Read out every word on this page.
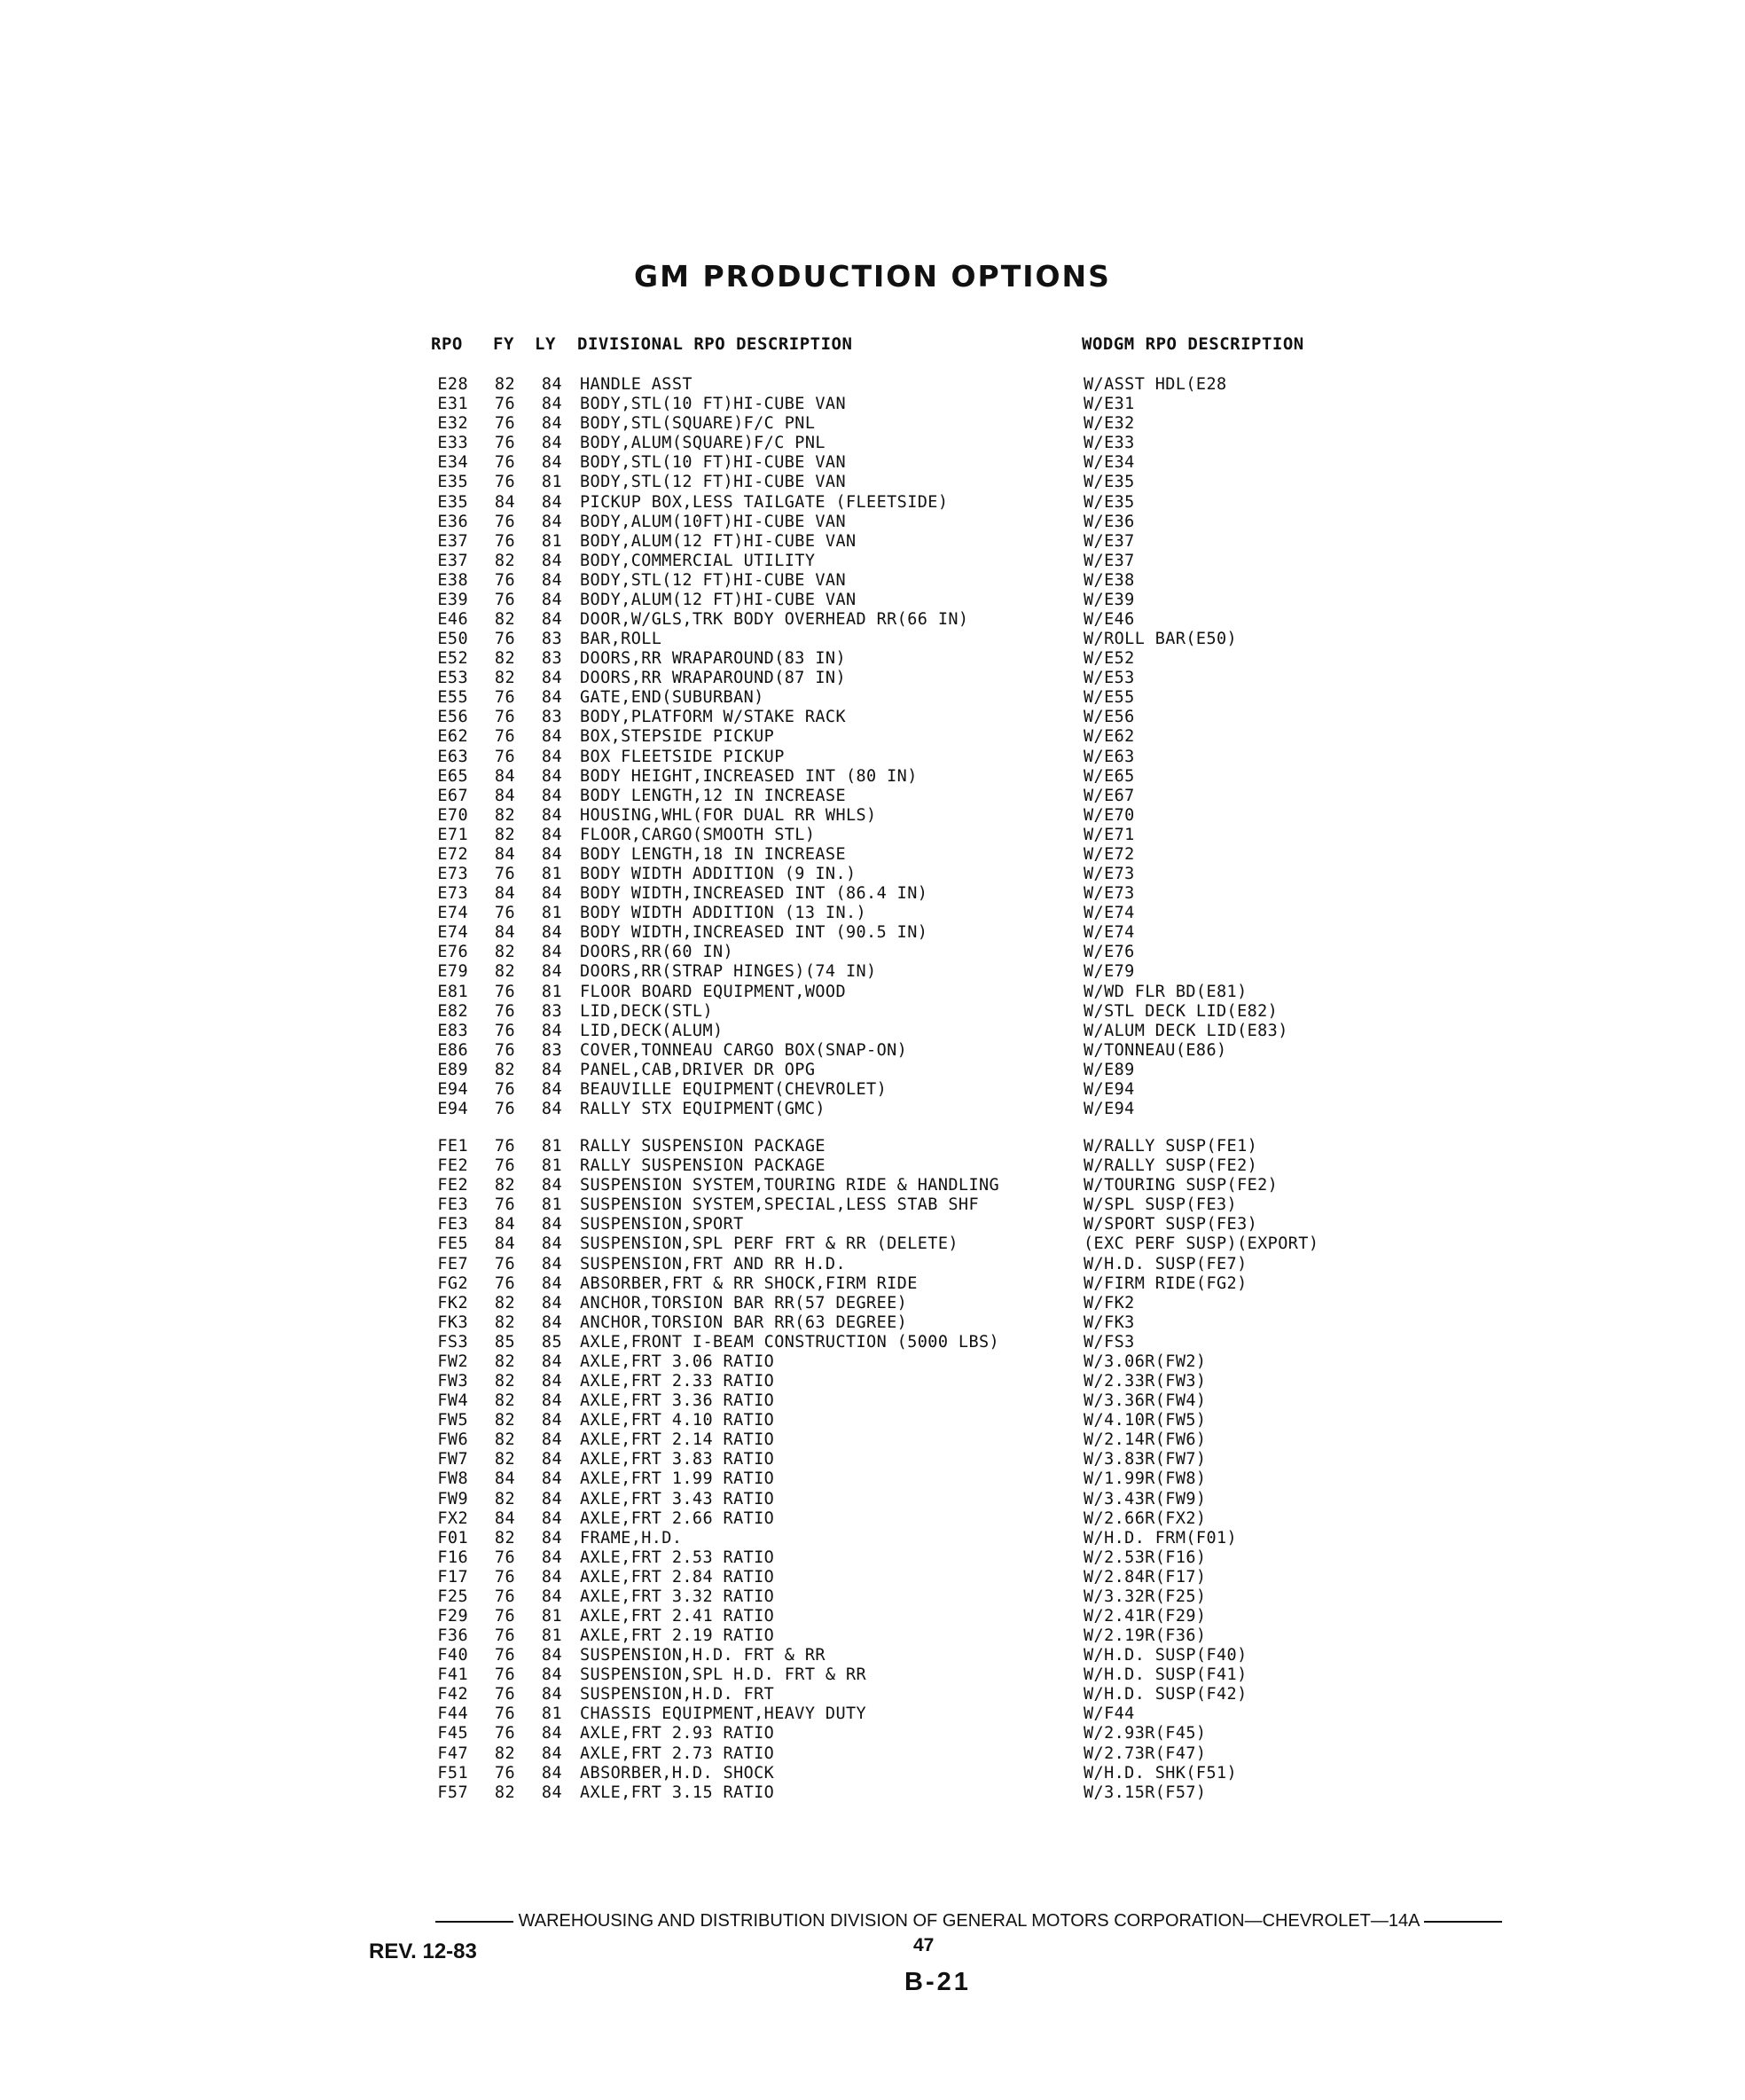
GM PRODUCTION OPTIONS
RPO FY LY DIVISIONAL RPO DESCRIPTION	WODGM RPO DESCRIPTION
E28	82	84 HANDLE ASST	W/ASST HDL(E28
E31	76	84 BODY,STL(10 FT)HI-CUBE VAN	W/E31
E32	76	84 BODY,STL(SQUARE)F/C PNL	W/E32
E33	76	84 BODY,ALUM(SQUARE)F/C PNL	W/E33
E34	76	84 BODY,STL(10 FT)HI-CUBE VAN	W/E34
E35	76	81 BODY,STL(12 FT)HI-CUBE VAN	W/E35
E35	84	84 PICKUP BOX,LESS TAILGATE (FLEETSIDE)	W/E35
E36	76	84 BODY,ALUM(10FT)HI-CUBE VAN	W/E36
E37	76	81 BODY,ALUM(12 FT)HI-CUBE VAN	W/E37
E37	82	84 BODY,COMMERCIAL UTILITY	W/E37
E38	76	84 BODY,STL(12 FT)HI-CUBE VAN	W/E38
E39	76	84 BODY,ALUM(12 FT)HI-CUBE VAN	W/E39
E46	82	84 DOOR,W/GLS,TRK BODY OVERHEAD RR(66 IN)	W/E46
E50	76	83 BAR,ROLL	W/ROLL BAR(E50)
E52	82	83 DOORS,RR WRAPAROUND(83 IN)	W/E52
E53	82	84 DOORS,RR WRAPAROUND(87 IN)	W/E53
E55	76	84 GATE,END(SUBURBAN)	W/E55
E56	76	83 BODY,PLATFORM W/STAKE RACK	W/E56
E62	76	84 BOX,STEPSIDE PICKUP	W/E62
E63	76	84 BOX FLEETSIDE PICKUP	W/E63
E65	84	84 BODY HEIGHT,INCREASED INT (80 IN)	W/E65
E67	84	84 BODY LENGTH,12 IN INCREASE	W/E67
E70	82	84 HOUSING,WHL(FOR DUAL RR WHLS)	W/E70
E71	82	84 FLOOR,CARGO(SMOOTH STL)	W/E71
E72	84	84 BODY LENGTH,18 IN INCREASE	W/E72
E73	76	81 BODY WIDTH ADDITION (9 IN.)	W/E73
E73	84	84 BODY WIDTH,INCREASED INT (86.4 IN)	W/E73
E74	76	81 BODY WIDTH ADDITION (13 IN.)	W/E74
E74	84	84 BODY WIDTH,INCREASED INT (90.5 IN)	W/E74
E76	82	84 DOORS,RR(60 IN)	W/E76
E79	82	84 DOORS,RR(STRAP HINGES)(74 IN)	W/E79
E81	76	81 FLOOR BOARD EQUIPMENT,WOOD	W/WD FLR BD(E81)
E82	76	83 LID,DECK(STL)	W/STL DECK LID(E82)
E83	76	84 LID,DECK(ALUM)	W/ALUM DECK LID(E83)
E86	76	83 COVER,TONNEAU CARGO BOX(SNAP-ON)	W/TONNEAU(E86)
E89	82	84 PANEL,CAB,DRIVER DR OPG	W/E89
E94	76	84 BEAUVILLE EQUIPMENT(CHEVROLET)	W/E94
E94	76	84 RALLY STX EQUIPMENT(GMC)	W/E94
FE1	76	81 RALLY SUSPENSION PACKAGE	W/RALLY SUSP(FE1)
FE2	76	81 RALLY SUSPENSION PACKAGE	W/RALLY SUSP(FE2)
FE2	82	84 SUSPENSION SYSTEM,TOURING RIDE & HANDLING	W/TOURING SUSP(FE2)
FE3	76	81 SUSPENSION SYSTEM,SPECIAL,LESS STAB SHF	W/SPL SUSP(FE3)
FE3	84	84 SUSPENSION,SPORT	W/SPORT SUSP(FE3)
FE5	84	84 SUSPENSION,SPL PERF FRT & RR (DELETE)	(EXC PERF SUSP)(EXPORT)
FE7	76	84 SUSPENSION,FRT AND RR H.D.	W/H.D. SUSP(FE7)
FG2	76	84 ABSORBER,FRT & RR SHOCK,FIRM RIDE	W/FIRM RIDE(FG2)
FK2	82	84 ANCHOR,TORSION BAR RR(57 DEGREE)	W/FK2
FK3	82	84 ANCHOR,TORSION BAR RR(63 DEGREE)	W/FK3
FS3	85	85 AXLE,FRONT I-BEAM CONSTRUCTION (5000 LBS)	W/FS3
FW2	82	84 AXLE,FRT 3.06 RATIO	W/3.06R(FW2)
FW3	82	84 AXLE,FRT 2.33 RATIO	W/2.33R(FW3)
FW4	82	84 AXLE,FRT 3.36 RATIO	W/3.36R(FW4)
FW5	82	84 AXLE,FRT 4.10 RATIO	W/4.10R(FW5)
FW6	82	84 AXLE,FRT 2.14 RATIO	W/2.14R(FW6)
FW7	82	84 AXLE,FRT 3.83 RATIO	W/3.83R(FW7)
FW8	84	84 AXLE,FRT 1.99 RATIO	W/1.99R(FW8)
FW9	82	84 AXLE,FRT 3.43 RATIO	W/3.43R(FW9)
FX2	84	84 AXLE,FRT 2.66 RATIO	W/2.66R(FX2)
F01	82	84 FRAME,H.D.	W/H.D. FRM(F01)
F16	76	84 AXLE,FRT 2.53 RATIO	W/2.53R(F16)
F17	76	84 AXLE,FRT 2.84 RATIO	W/2.84R(F17)
F25	76	84 AXLE,FRT 3.32 RATIO	W/3.32R(F25)
F29	76	81 AXLE,FRT 2.41 RATIO	W/2.41R(F29)
F36	76	81 AXLE,FRT 2.19 RATIO	W/2.19R(F36)
F40	76	84 SUSPENSION,H.D. FRT & RR	W/H.D. SUSP(F40)
F41	76	84 SUSPENSION,SPL H.D. FRT & RR	W/H.D. SUSP(F41)
F42	76	84 SUSPENSION,H.D. FRT	W/H.D. SUSP(F42)
F44	76	81 CHASSIS EQUIPMENT,HEAVY DUTY	W/F44
F45	76	84 AXLE,FRT 2.93 RATIO	W/2.93R(F45)
F47	82	84 AXLE,FRT 2.73 RATIO	W/2.73R(F47)
F51	76	84 ABSORBER,H.D. SHOCK	W/H.D. SHK(F51)
F57	82	84 AXLE,FRT 3.15 RATIO	W/3.15R(F57)
WAREHOUSING AND DISTRIBUTION DIVISION OF GENERAL MOTORS CORPORATION—CHEVROLET—14A
REV. 12-83	47
B-21
